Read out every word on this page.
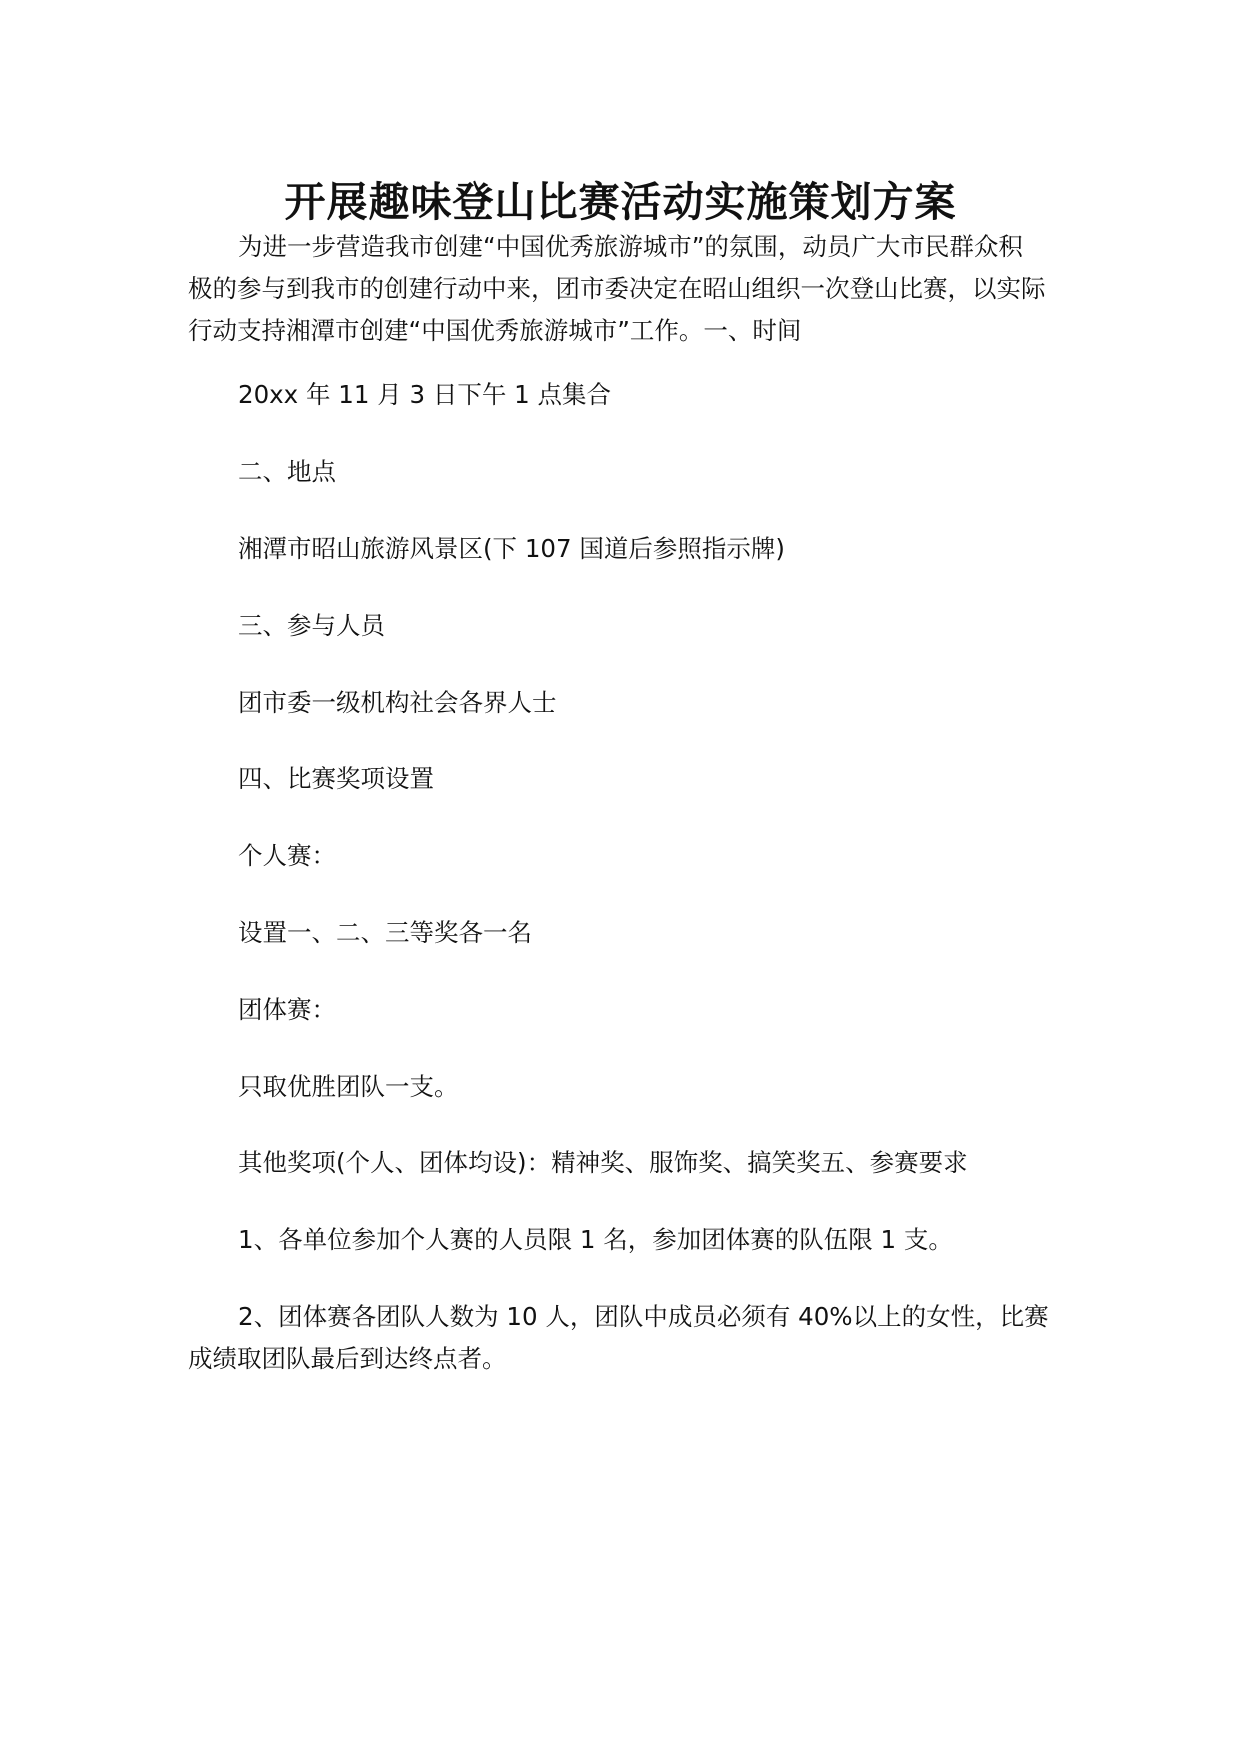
开展趣味登山比赛活动实施策划方案
为进一步营造我市创建“中国优秀旅游城市”的氛围，动员广大市民群众积
极的参与到我市的创建行动中来，团市委决定在昭山组织一次登山比赛，以实际
行动支持湘潭市创建“中国优秀旅游城市”工作。一、时间

20xx 年 11 月 3 日下午 1 点集合

二、地点

湘潭市昭山旅游风景区(下 107 国道后参照指示牌)

三、参与人员

团市委一级机构社会各界人士

四、比赛奖项设置

个人赛：

设置一、二、三等奖各一名

团体赛：

只取优胜团队一支。

其他奖项(个人、团体均设)：精神奖、服饰奖、搞笑奖五、参赛要求

1、各单位参加个人赛的人员限 1 名，参加团体赛的队伍限 1 支。

2、团体赛各团队人数为 10 人，团队中成员必须有 40%以上的女性，比赛
成绩取团队最后到达终点者。
